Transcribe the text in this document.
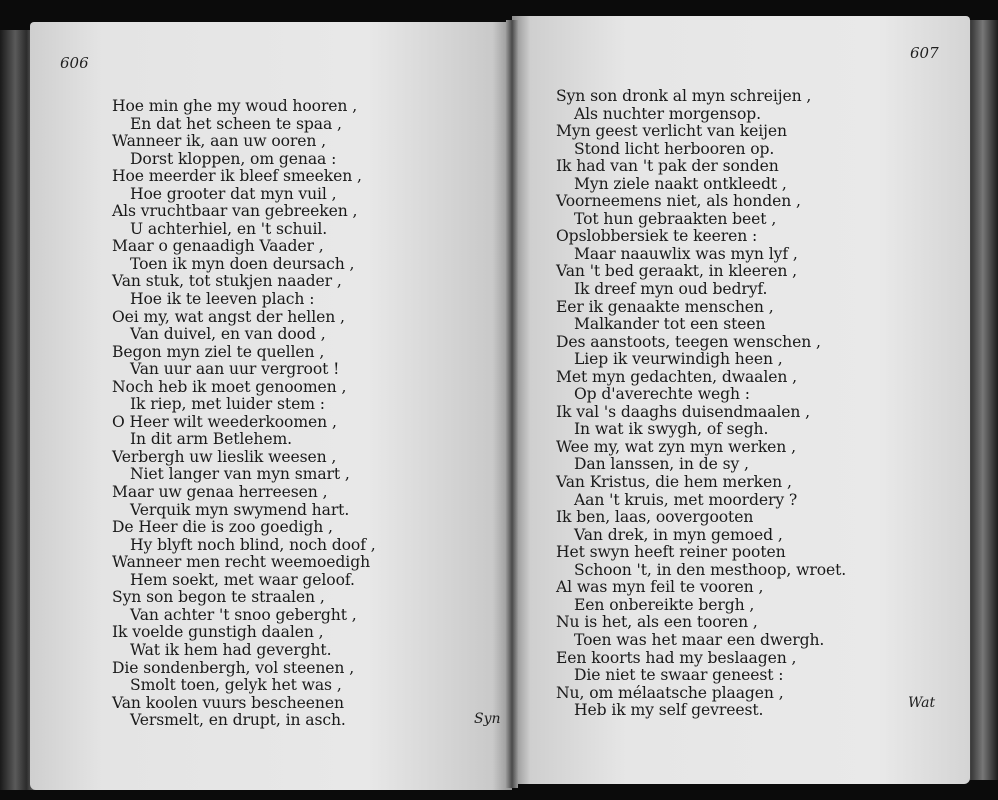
606
Hoe min ghe my woud hooren ,
En dat het scheen te spaa ,
Wanneer ik, aan uw ooren ,
Dorst kloppen, om genaa :
Hoe meerder ik bleef smeeken ,
Hoe grooter dat myn vuil ,
Als vruchtbaar van gebreeken ,
U achterhiel, en 't schuil.
Maar o genaadigh Vaader ,
Toen ik myn doen deursach ,
Van stuk, tot stukjen naader ,
Hoe ik te leeven plach :
Oei my, wat angst der hellen ,
Van duivel, en van dood ,
Begon myn ziel te quellen ,
Van uur aan uur vergroot !
Noch heb ik moet genoomen ,
Ik riep, met luider stem :
O Heer wilt weederkoomen ,
In dit arm Betlehem.
Verbergh uw lieslik weesen ,
Niet langer van myn smart ,
Maar uw genaa herreesen ,
Verquik myn swymend hart.
De Heer die is zoo goedigh ,
Hy blyft noch blind, noch doof ,
Wanneer men recht weemoedigh
Hem soekt, met waar geloof.
Syn son begon te straalen ,
Van achter 't snoo geberght ,
Ik voelde gunstigh daalen ,
Wat ik hem had geverght.
Die sondenbergh, vol steenen ,
Smolt toen, gelyk het was ,
Van koolen vuurs bescheenen
Versmelt, en drupt, in asch.	Syn
607
Syn son dronk al myn schreijen ,
Als nuchter morgensop.
Myn geest verlicht van keijen
Stond licht herbooren op.
Ik had van 't pak der sonden
Myn ziele naakt ontkleedt ,
Voorneemens niet, als honden ,
Tot hun gebraakten beet ,
Opslobbersiek te keeren :
Maar naauwlix was myn lyf ,
Van 't bed geraakt, in kleeren ,
Ik dreef myn oud bedryf.
Eer ik genaakte menschen ,
Malkander tot een steen
Des aanstoots, teegen wenschen ,
Liep ik veurwindigh heen ,
Met myn gedachten, dwaalen ,
Op d'averechte wegh :
Ik val 's daaghs duisendmaalen ,
In wat ik swygh, of segh.
Wee my, wat zyn myn werken ,
Dan lanssen, in de sy ,
Van Kristus, die hem merken ,
Aan 't kruis, met moordery ?
Ik ben, laas, oovergooten
Van drek, in myn gemoed ,
Het swyn heeft reiner pooten
Schoon 't, in den mesthoop, wroet.
Al was myn feil te vooren ,
Een onbereikte bergh ,
Nu is het, als een tooren ,
Toen was het maar een dwergh.
Een koorts had my beslaagen ,
Die niet te swaar geneest :
Nu, om mélaatsche plaagen ,
Heb ik my self gevreest.	Wat
